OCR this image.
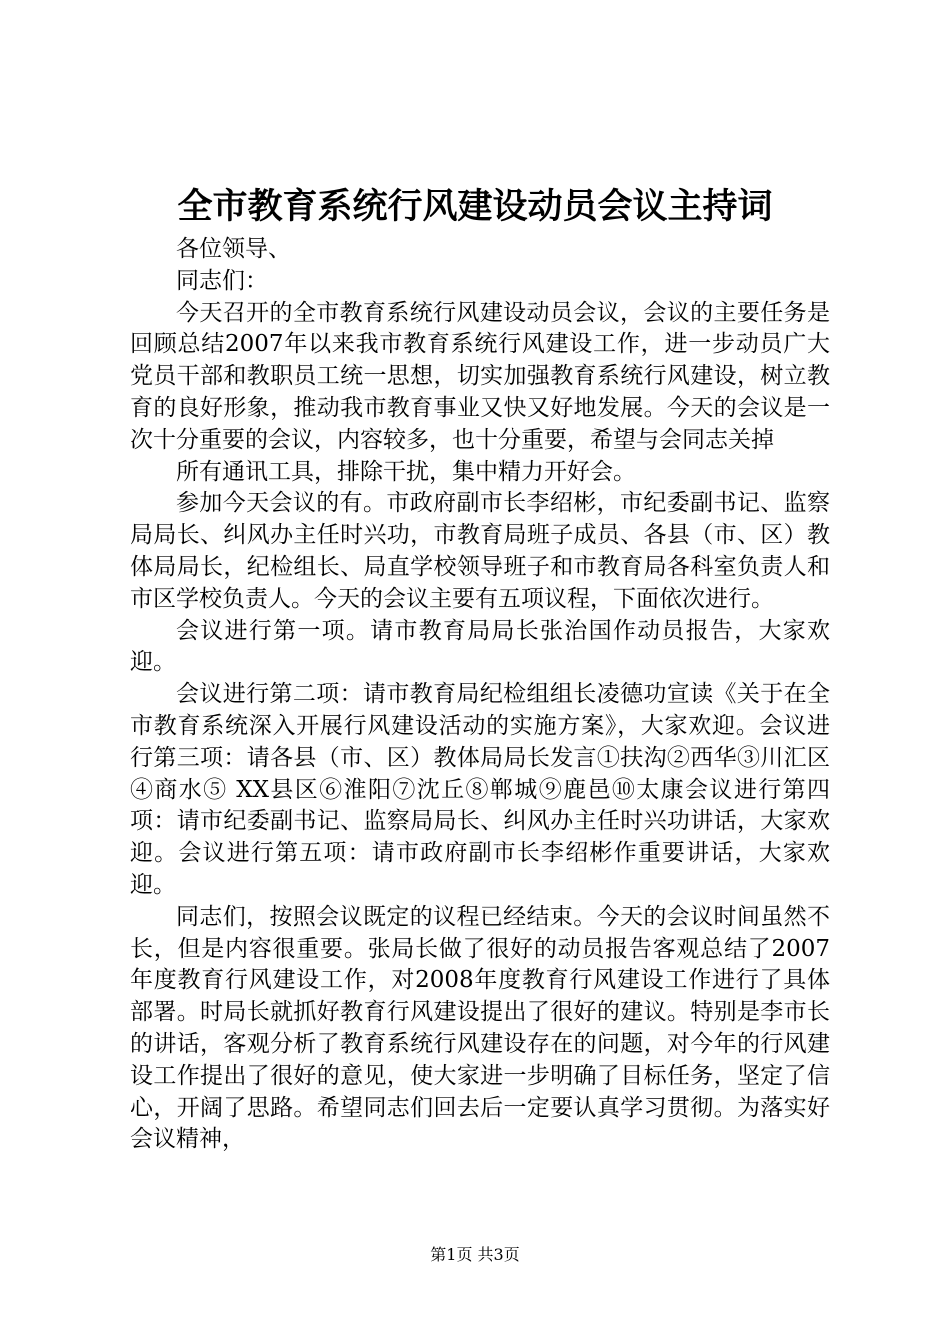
全市教育系统行风建设动员会议主持词

各位领导、

同志们：

今天召开的全市教育系统行风建设动员会议，会议的主要任务是回顾总结2007年以来我市教育系统行风建设工作，进一步动员广大党员干部和教职员工统一思想，切实加强教育系统行风建设，树立教育的良好形象，推动我市教育事业又快又好地发展。今天的会议是一次十分重要的会议，内容较多，也十分重要，希望与会同志关掉

所有通讯工具，排除干扰，集中精力开好会。

参加今天会议的有。市政府副市长李绍彬，市纪委副书记、监察局局长、纠风办主任时兴功，市教育局班子成员、各县（市、区）教体局局长，纪检组长、局直学校领导班子和市教育局各科室负责人和市区学校负责人。今天的会议主要有五项议程，下面依次进行。

会议进行第一项。请市教育局局长张治国作动员报告，大家欢迎。

会议进行第二项：请市教育局纪检组组长凌德功宣读《关于在全市教育系统深入开展行风建设活动的实施方案》，大家欢迎。会议进行第三项：请各县（市、区）教体局局长发言①扶沟②西华③川汇区④商水⑤ XX县区⑥淮阳⑦沈丘⑧郸城⑨鹿邑⑩太康会议进行第四项：请市纪委副书记、监察局局长、纠风办主任时兴功讲话，大家欢迎。会议进行第五项：请市政府副市长李绍彬作重要讲话，大家欢迎。

同志们，按照会议既定的议程已经结束。今天的会议时间虽然不长，但是内容很重要。张局长做了很好的动员报告客观总结了2007年度教育行风建设工作，对2008年度教育行风建设工作进行了具体部署。时局长就抓好教育行风建设提出了很好的建议。特别是李市长的讲话，客观分析了教育系统行风建设存在的问题，对今年的行风建设工作提出了很好的意见，使大家进一步明确了目标任务，坚定了信心，开阔了思路。希望同志们回去后一定要认真学习贯彻。为落实好会议精神，

第1页 共3页
